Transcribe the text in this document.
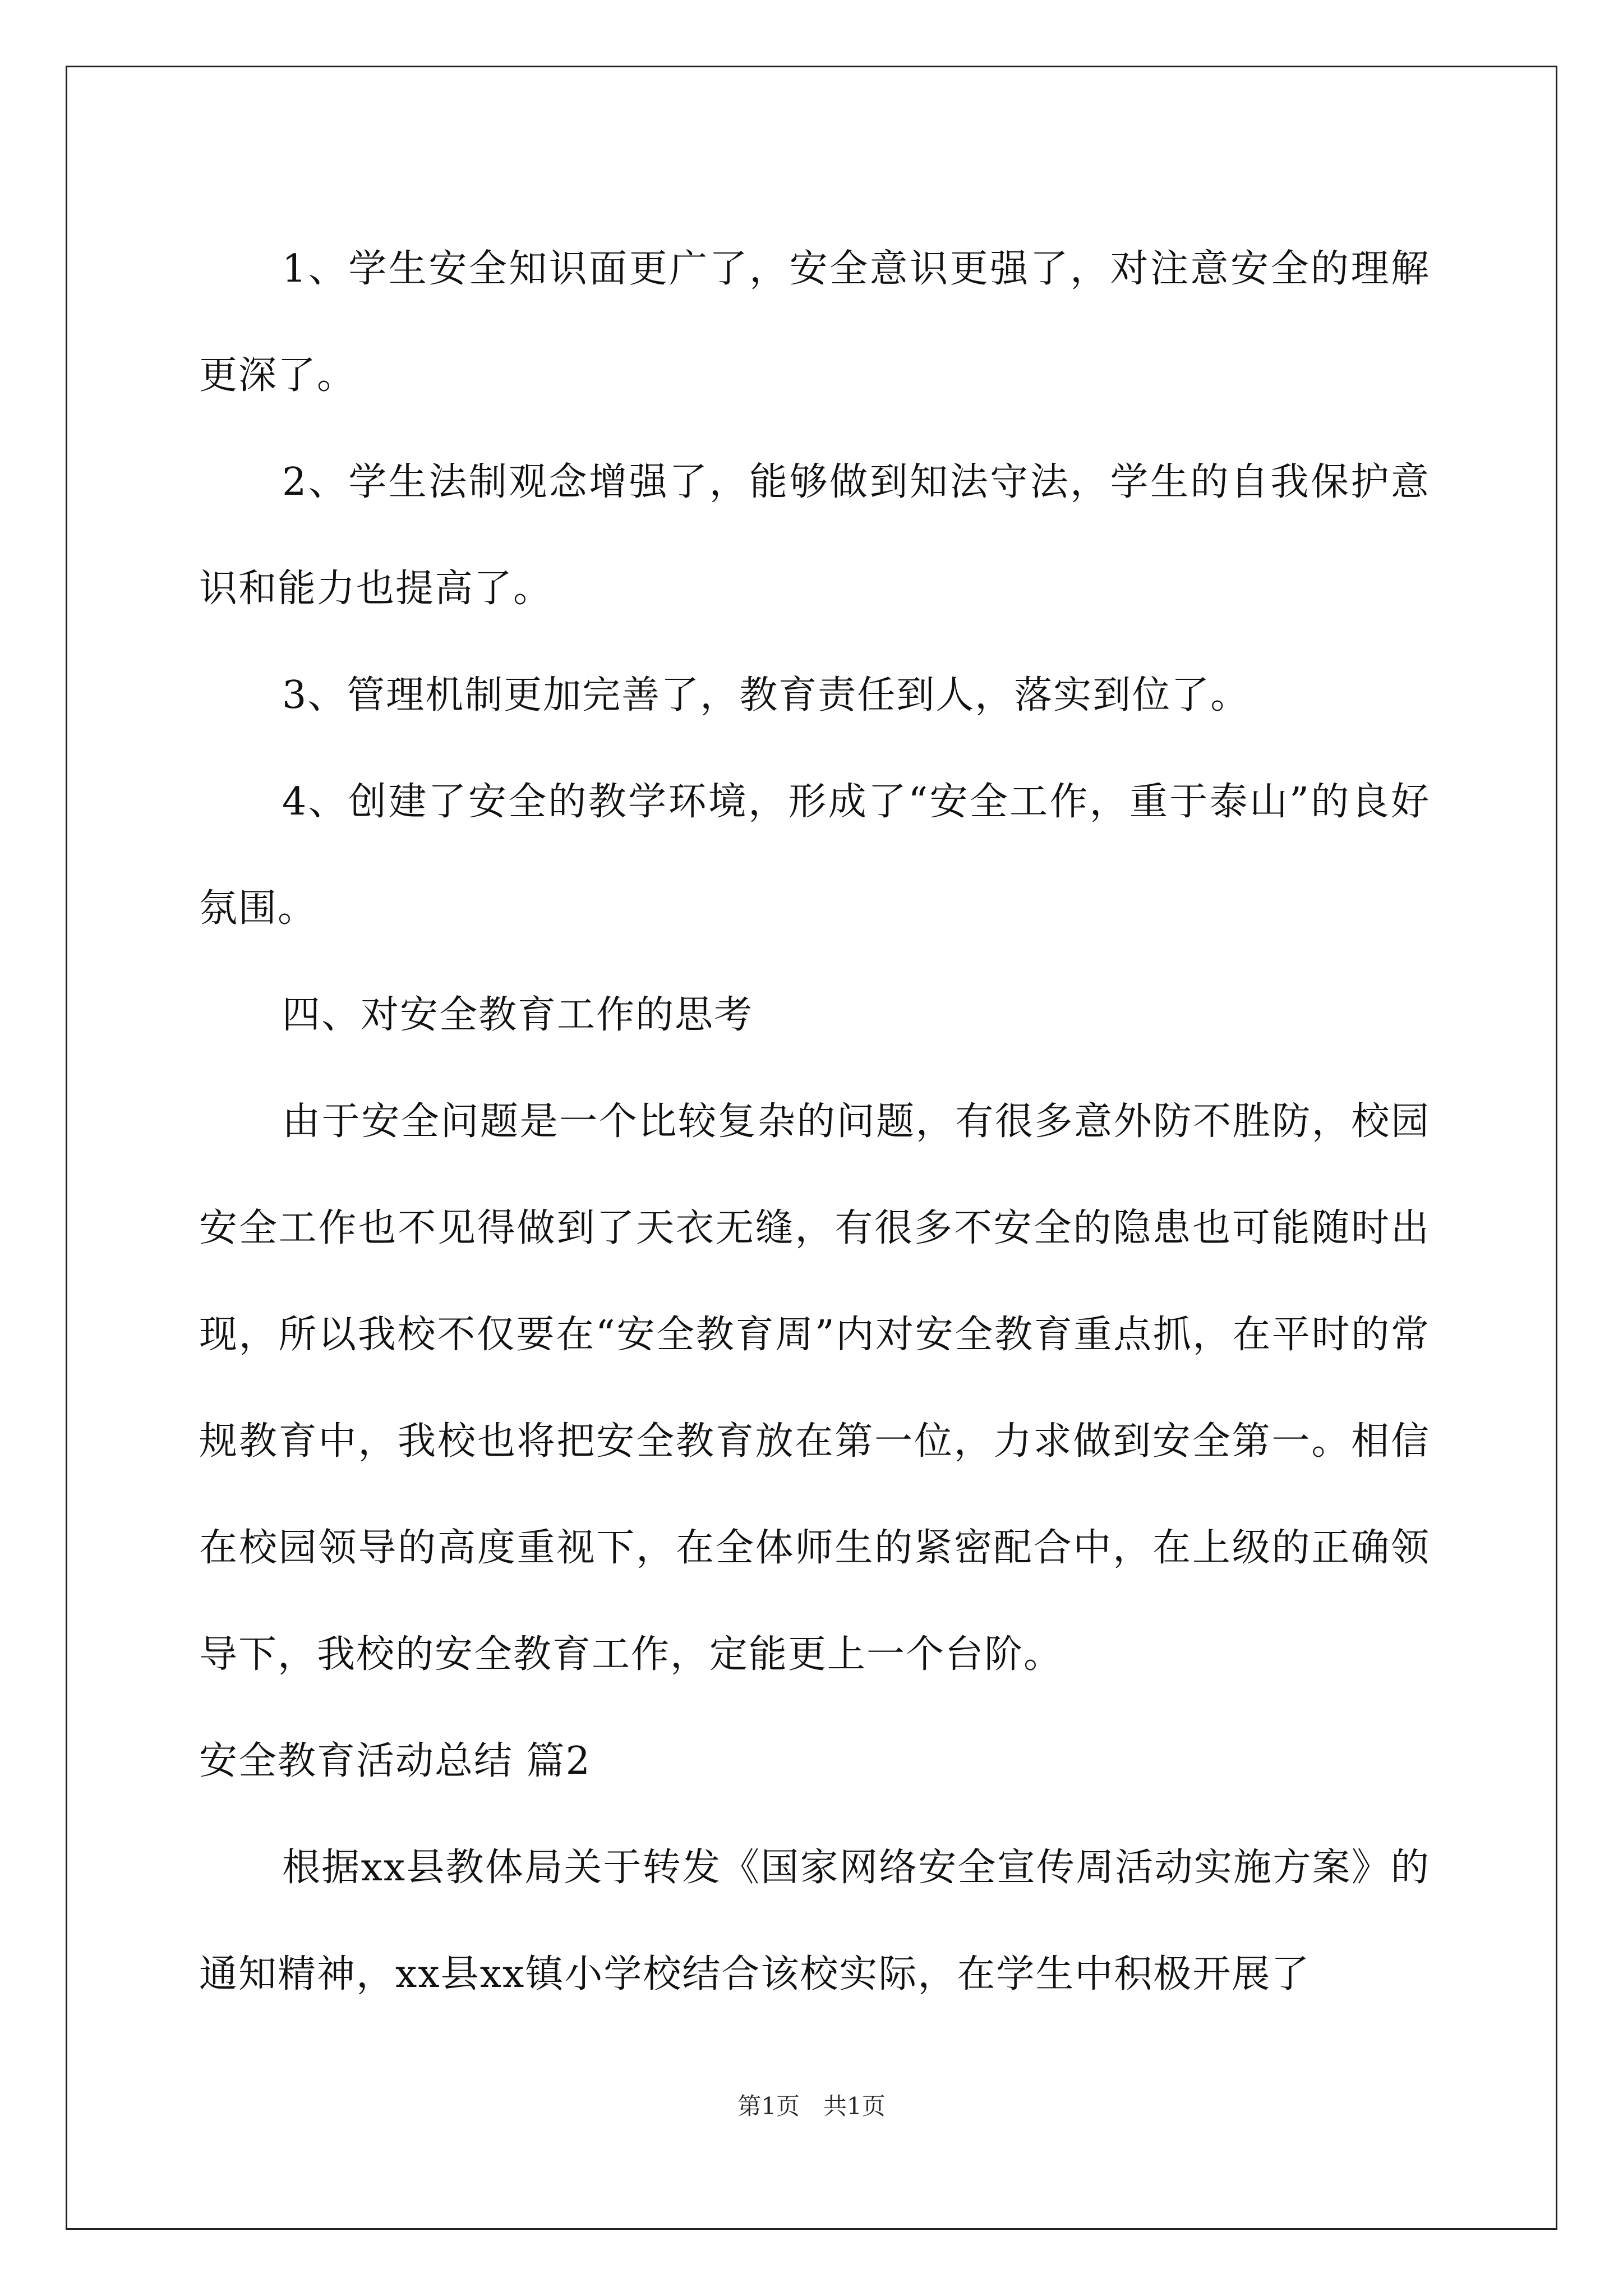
1、学生安全知识面更广了，安全意识更强了，对注意安全的理解更深了。

2、学生法制观念增强了，能够做到知法守法，学生的自我保护意识和能力也提高了。

3、管理机制更加完善了，教育责任到人，落实到位了。

4、创建了安全的教学环境，形成了“安全工作，重于泰山”的良好氛围。

四、对安全教育工作的思考

由于安全问题是一个比较复杂的问题，有很多意外防不胜防，校园安全工作也不见得做到了天衣无缝，有很多不安全的隐患也可能随时出现，所以我校不仅要在“安全教育周”内对安全教育重点抓，在平时的常规教育中，我校也将把安全教育放在第一位，力求做到安全第一。相信在校园领导的高度重视下，在全体师生的紧密配合中，在上级的正确领导下，我校的安全教育工作，定能更上一个台阶。

安全教育活动总结 篇2

根据xx县教体局关于转发《国家网络安全宣传周活动实施方案》的通知精神，xx县xx镇小学校结合该校实际，在学生中积极开展了

第1页　共1页
